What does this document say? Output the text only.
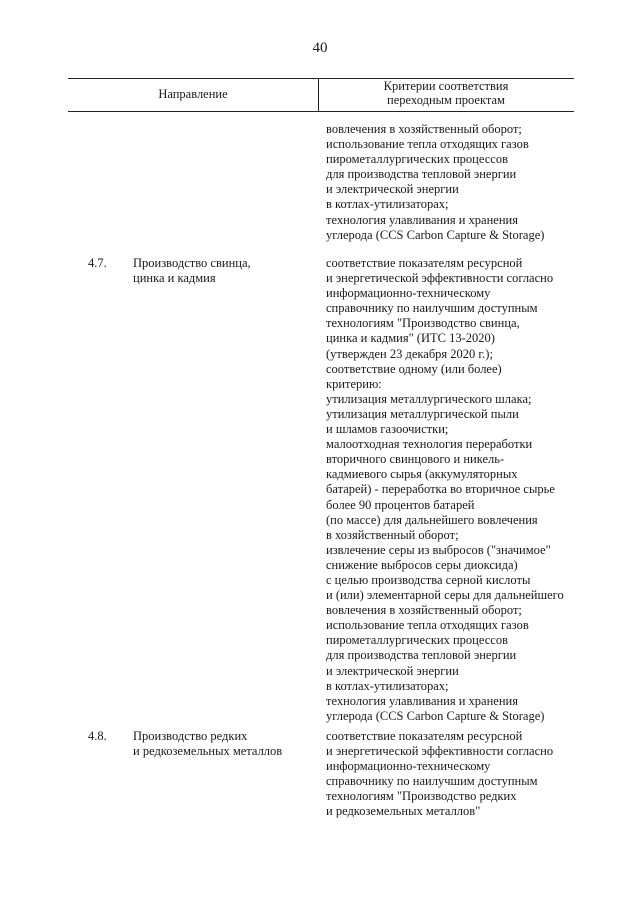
40
Направление
Критерии соответствия
переходным проектам
вовлечения в хозяйственный оборот;
использование тепла отходящих газов
пирометаллургических процессов
для производства тепловой энергии
и электрической энергии
в котлах-утилизаторах;
технология улавливания и хранения
углерода (CCS Carbon Capture & Storage)
4.7. Производство свинца,
цинка и кадмия
соответствие показателям ресурсной
и энергетической эффективности согласно
информационно-техническому
справочнику по наилучшим доступным
технологиям "Производство свинца,
цинка и кадмия" (ИТС 13-2020)
(утвержден 23 декабря 2020 г.);
соответствие одному (или более)
критерию:
утилизация металлургического шлака;
утилизация металлургической пыли
и шламов газоочистки;
малоотходная технология переработки
вторичного свинцового и никель-
кадмиевого сырья (аккумуляторных
батарей) - переработка во вторичное сырье
более 90 процентов батарей
(по массе) для дальнейшего вовлечения
в хозяйственный оборот;
извлечение серы из выбросов ("значимое"
снижение выбросов серы диоксида)
с целью производства серной кислоты
и (или) элементарной серы для дальнейшего
вовлечения в хозяйственный оборот;
использование тепла отходящих газов
пирометаллургических процессов
для производства тепловой энергии
и электрической энергии
в котлах-утилизаторах;
технология улавливания и хранения
углерода (CCS Carbon Capture & Storage)
4.8. Производство редких
и редкоземельных металлов
соответствие показателям ресурсной
и энергетической эффективности согласно
информационно-техническому
справочнику по наилучшим доступным
технологиям "Производство редких
и редкоземельных металлов"
